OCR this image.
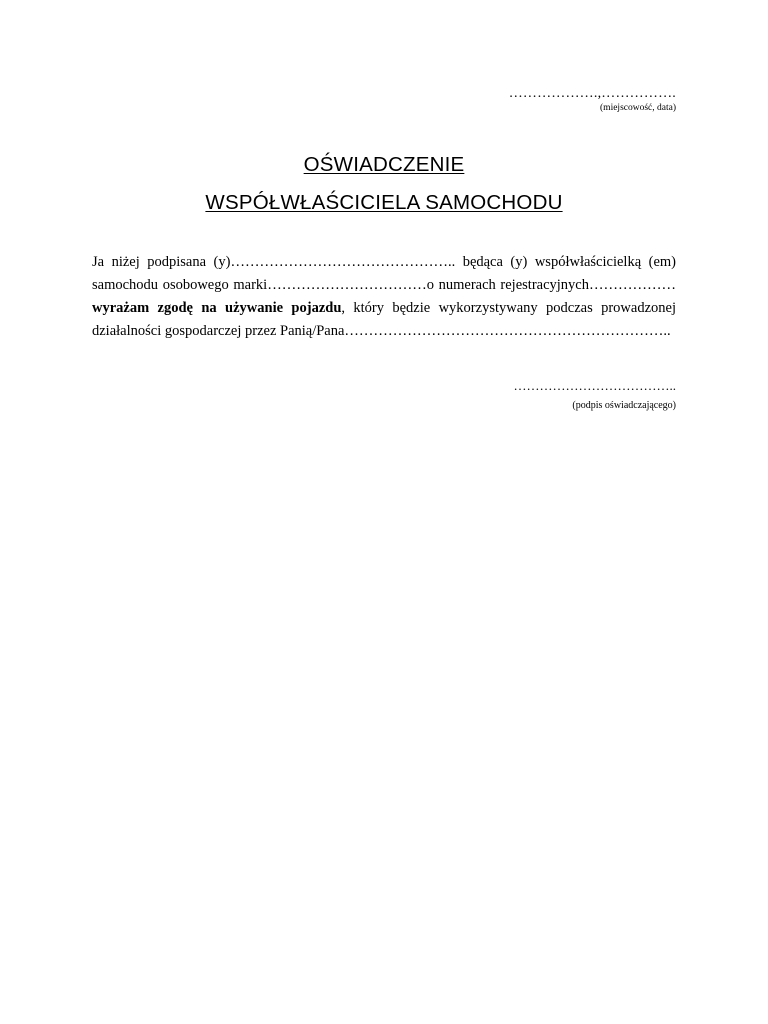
……………….,…………….
(miejscowość, data)
OŚWIADCZENIE
WSPÓŁWŁAŚCICIELA SAMOCHODU
Ja niżej podpisana (y)……………………………………….. będąca (y) współwłaścicielką (em)
samochodu osobowego marki……………………………o numerach rejestracyjnych………………
wyrażam zgodę na używanie pojazdu, który będzie wykorzystywany podczas prowadzonej
działalności gospodarczej przez Panią/Pana…………………………………………………………..
………………………………..
(podpis oświadczającego)
